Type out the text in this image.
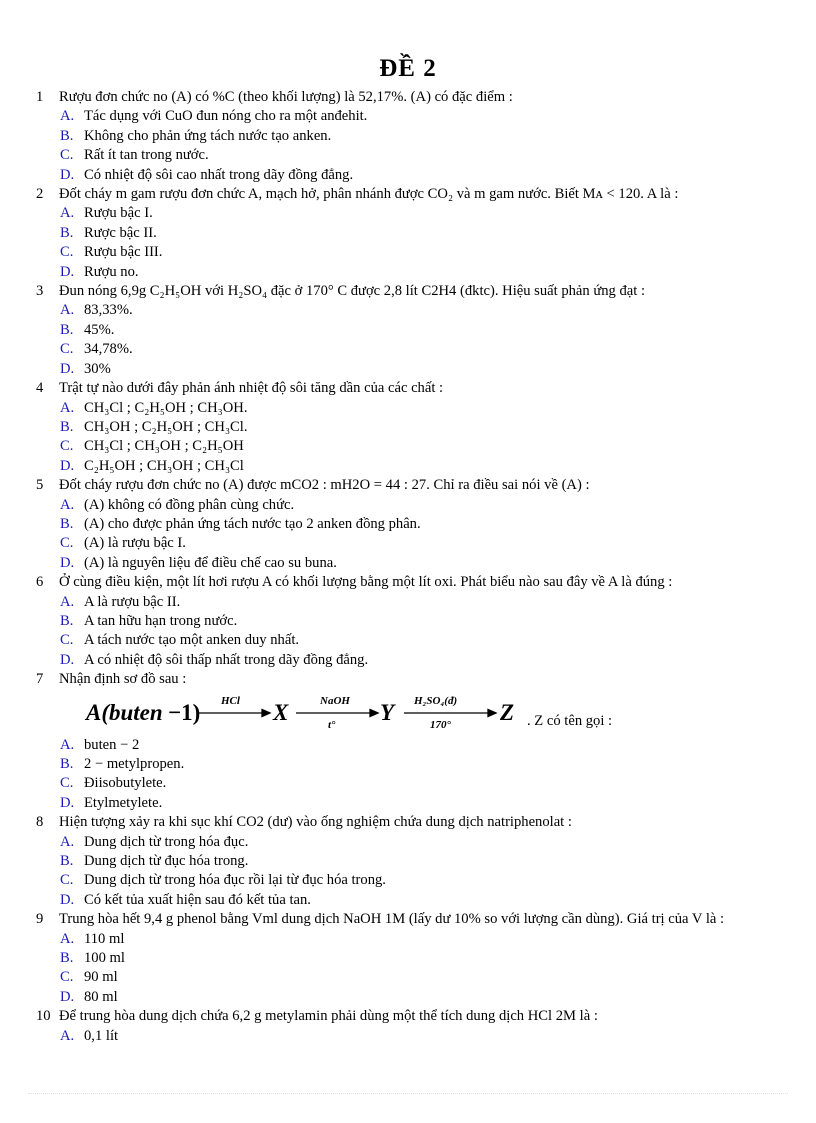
ĐỀ 2
1 Rượu đơn chức no (A) có %C (theo khối lượng) là 52,17%. (A) có đặc điểm :
A. Tác dụng với CuO đun nóng cho ra một anđehit.
B. Không cho phản ứng tách nước tạo anken.
C. Rất ít tan trong nước.
D. Có nhiệt độ sôi cao nhất trong dãy đồng đẳng.
2 Đốt cháy m gam rượu đơn chức A, mạch hở, phân nhánh được CO₂ và m gam nước. Biết Mᴀ < 120. A là :
A. Rượu bậc I.
B. Rược bậc II.
C. Rượu bậc III.
D. Rượu no.
3 Đun nóng 6,9g C₂H₅OH với H₂SO₄ đặc ở 170° C được 2,8 lít C2H4 (đktc). Hiệu suất phản ứng đạt :
A. 83,33%.
B. 45%.
C. 34,78%.
D. 30%
4 Trật tự nào dưới đây phản ánh nhiệt độ sôi tăng dần của các chất :
A. CH₃Cl ; C₂H₅OH ; CH₃OH.
B. CH₃OH ; C₂H₅OH ; CH₃Cl.
C. CH₃Cl ; CH₃OH ; C₂H₅OH
D. C₂H₅OH ; CH₃OH ; CH₃Cl
5 Đốt cháy rượu đơn chức no (A) được mCO2 : mH2O = 44 : 27. Chỉ ra điều sai nói về (A) :
A. (A) không có đồng phân cùng chức.
B. (A) cho được phản ứng tách nước tạo 2 anken đồng phân.
C. (A) là rượu bậc I.
D. (A) là nguyên liệu để điều chế cao su buna.
6 Ở cùng điều kiện, một lít hơi rượu A có khối lượng bằng một lít oxi. Phát biểu nào sau đây về A là đúng :
A. A là rượu bậc II.
B. A tan hữu hạn trong nước.
C. A tách nước tạo một anken duy nhất.
D. A có nhiệt độ sôi thấp nhất trong dãy đồng đẳng.
7 Nhận định sơ đồ sau :
A(buten −1) HCl X	NaOH
t° Y H₂SO₄(đ)
170° Z . Z có tên gọi :
A. buten − 2
B. 2 − metylpropen.
C. Điisobutylete.
D. Etylmetylete.
8 Hiện tượng xảy ra khi sục khí CO2 (dư) vào ống nghiệm chứa dung dịch natriphenolat :
A. Dung dịch từ trong hóa đục.
B. Dung dịch từ đục hóa trong.
C. Dung dịch từ trong hóa đục rồi lại từ đục hóa trong.
D. Có kết tủa xuất hiện sau đó kết tủa tan.
9 Trung hòa hết 9,4 g phenol bằng Vml dung dịch NaOH 1M (lấy dư 10% so với lượng cần dùng). Giá trị của V là :
A. 110 ml
B. 100 ml
C. 90 ml
D. 80 ml
10 Để trung hòa dung dịch chứa 6,2 g metylamin phải dùng một thể tích dung dịch HCl 2M là :
A. 0,1 lít
